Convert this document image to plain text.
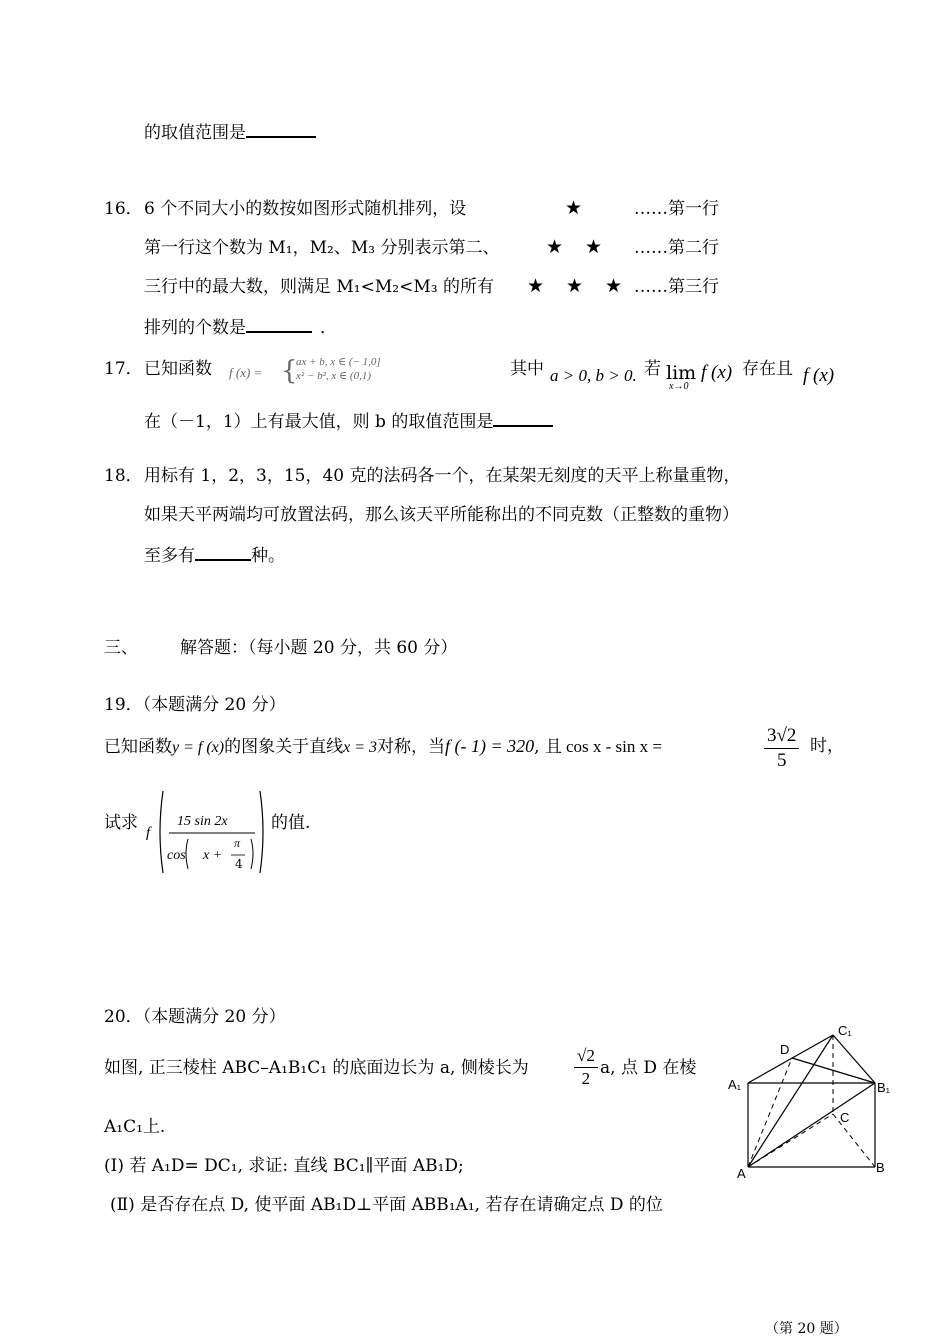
的取值范围是
16． 6 个不同大小的数按如图形式随机排列，设
第一行这个数为 M₁，M₂、M₃ 分别表示第二、
三行中的最大数，则满足 M₁<M₂<M₃ 的所有
排列的个数是	．
★	……第一行
★ ★ ……第二行
★ ★ ★ ……第三行
17． 已知函数 f (x) = {
ax + b, x ∈ (− 1,0]
x² − b², x ∈ (0,1)	其中 a > 0, b > 0. 若 lim
x→0
f (x) 存在且 f (x)
在（－1，1）上有最大值，则 b 的取值范围是
18． 用标有 1，2，3，15，40 克的法码各一个，在某架无刻度的天平上称量重物，
如果天平两端均可放置法码，那么该天平所能称出的不同克数（正整数的重物）
至多有	种。
三、 解答题：（每小题 20 分，共 60 分）
19．（本题满分 20 分）
已知函数y = f (x)的图象关于直线x = 3对称，当f (- 1) = 320, 且 cos x - sin x =	$\frac{3√2}{5}$ 时，
试求 f
15 sin 2x
cos x +
π
4
的值.
20．（本题满分 20 分）
如图, 正三棱柱 ABC–A₁B₁C₁ 的底面边长为 a, 侧棱长为	$\frac{√2}{2} a$, 点 D 在棱
A₁C₁上.
(Ⅰ) 若 A₁D= DC₁, 求证: 直线 BC₁∥平面 AB₁D;
(Ⅱ) 是否存在点 D, 使平面 AB₁D⊥平面 ABB₁A₁, 若存在请确定点 D 的位
C₁
D
A₁	B₁
C
A	B
（第 20 题）
